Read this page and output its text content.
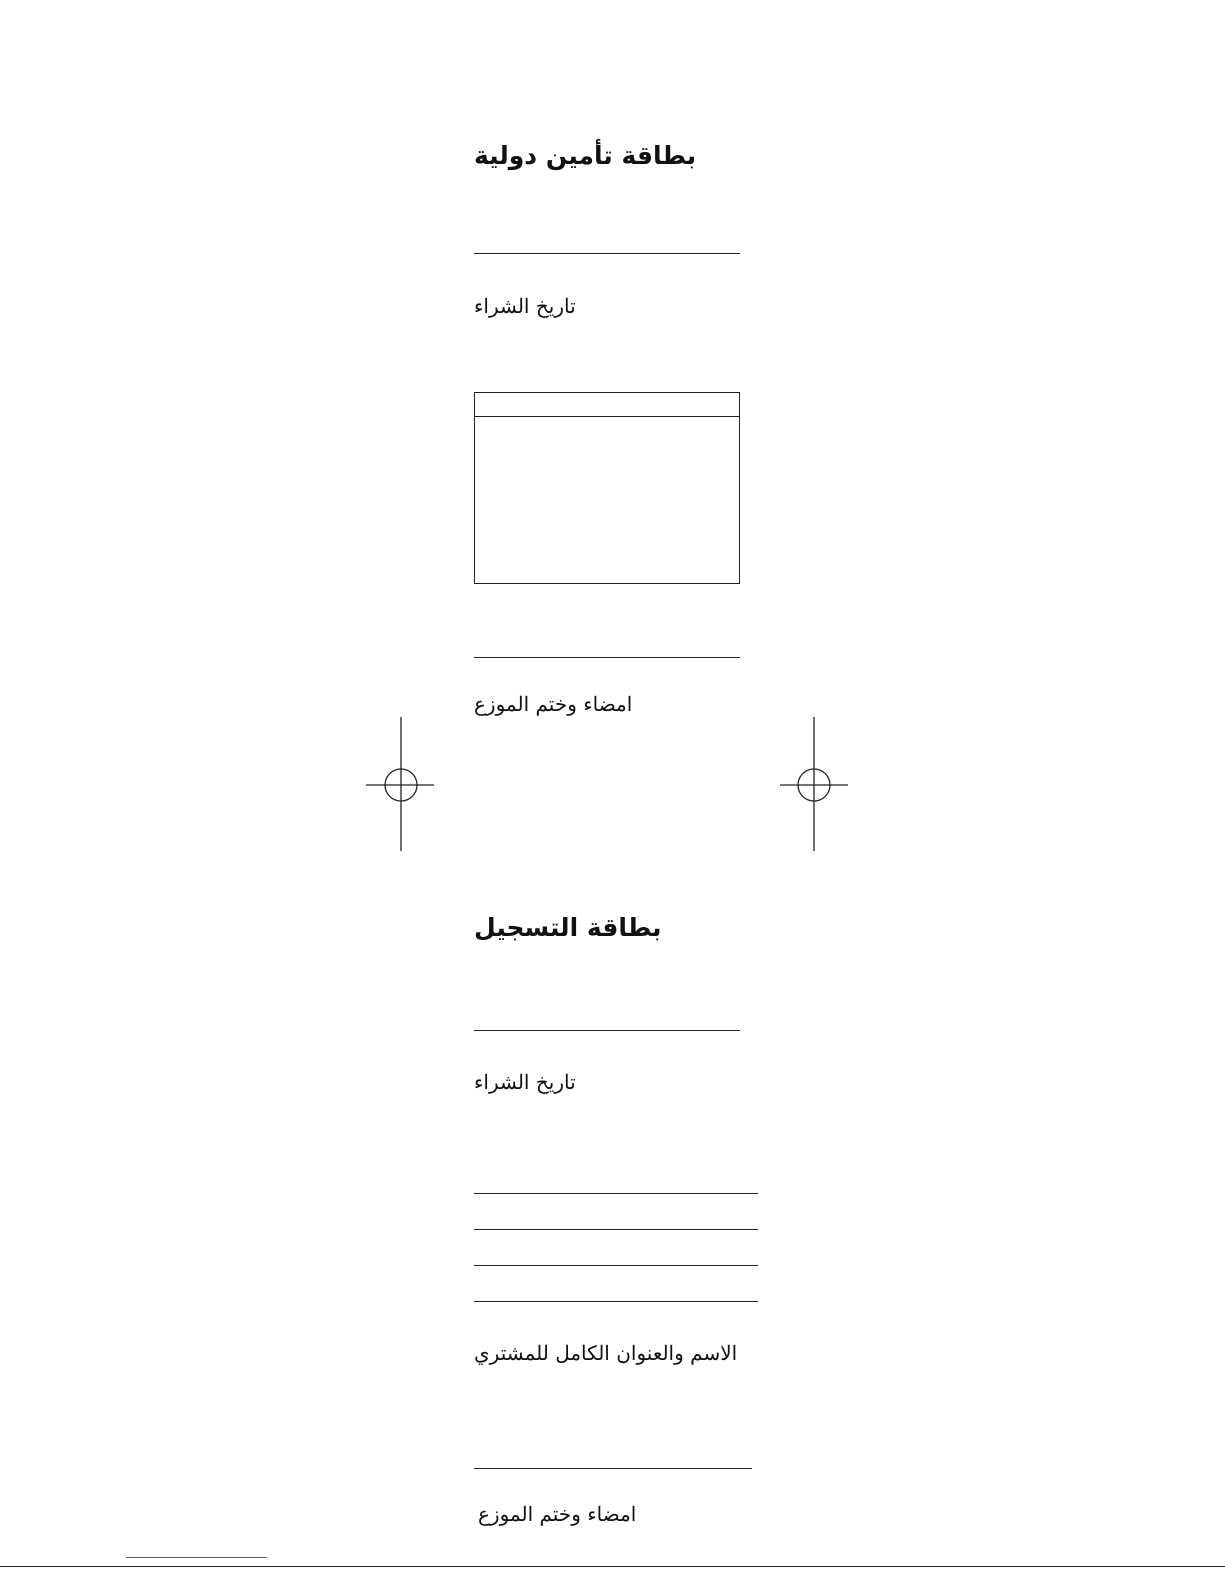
بطاقة تأمين دولية
تاريخ الشراء
امضاء وختم الموزع
بطاقة التسجيل
تاريخ الشراء
الاسم والعنوان الكامل للمشتري
امضاء وختم الموزع
